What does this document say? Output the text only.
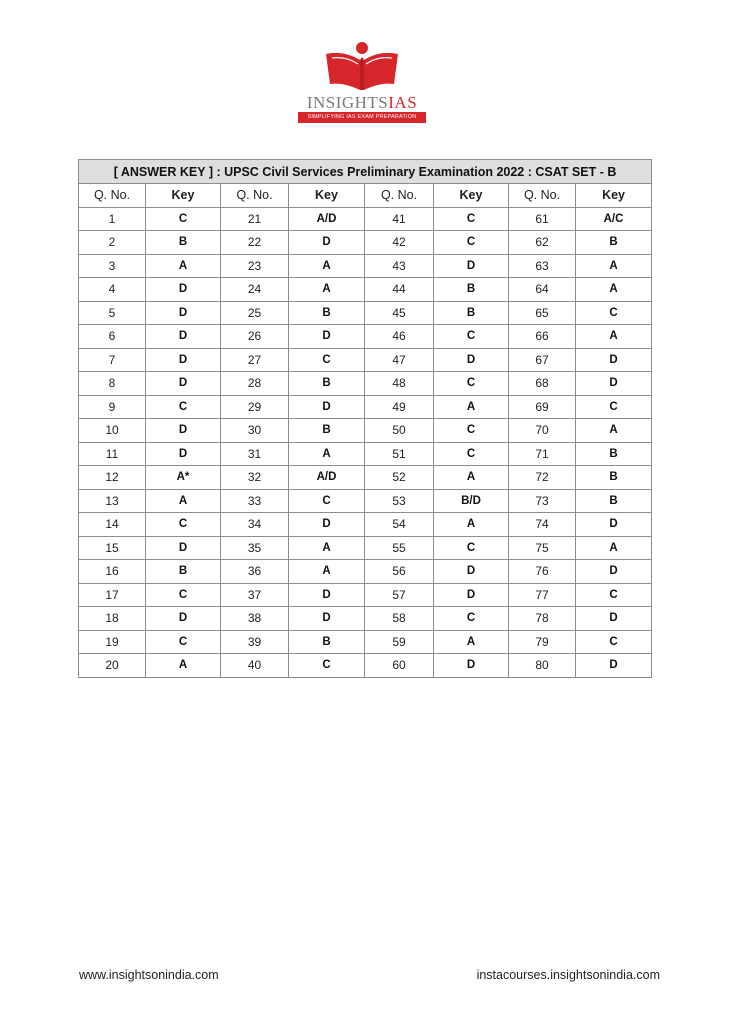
INSIGHTSIAS
SIMPLIFYING IAS EXAM PREPARATION
[ ANSWER KEY ] : UPSC Civil Services Preliminary Examination 2022 : CSAT SET - B							
Q. No.	Key	Q. No.	Key	Q. No.	Key	Q. No.	Key
1	C	21	A/D	41	C	61	A/C
2	B	22	D	42	C	62	B
3	A	23	A	43	D	63	A
4	D	24	A	44	B	64	A
5	D	25	B	45	B	65	C
6	D	26	D	46	C	66	A
7	D	27	C	47	D	67	D
8	D	28	B	48	C	68	D
9	C	29	D	49	A	69	C
10	D	30	B	50	C	70	A
11	D	31	A	51	C	71	B
12	A*	32	A/D	52	A	72	B
13	A	33	C	53	B/D	73	B
14	C	34	D	54	A	74	D
15	D	35	A	55	C	75	A
16	B	36	A	56	D	76	D
17	C	37	D	57	D	77	C
18	D	38	D	58	C	78	D
19	C	39	B	59	A	79	C
20	A	40	C	60	D	80	D
www.insightsonindia.com	instacourses.insightsonindia.com
